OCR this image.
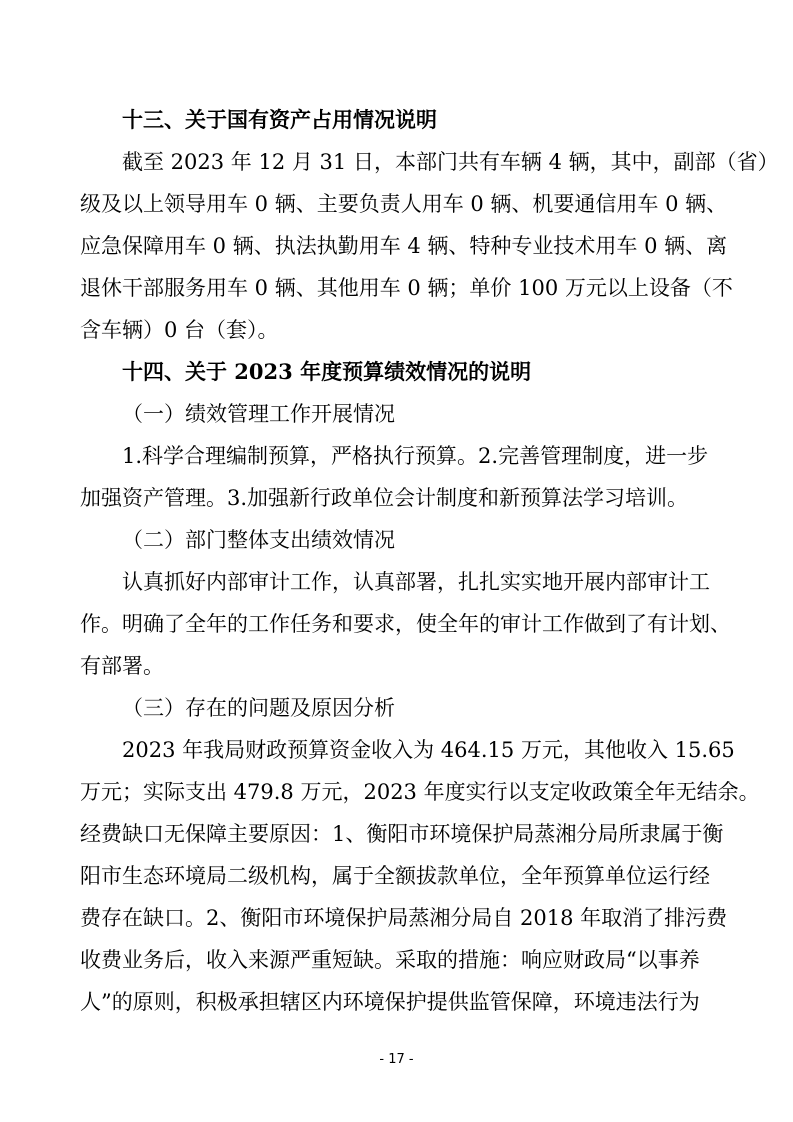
十三、关于国有资产占用情况说明
截至 2023 年 12 月 31 日，本部门共有车辆 4 辆，其中，副部（省）
级及以上领导用车 0 辆、主要负责人用车 0 辆、机要通信用车 0 辆、
应急保障用车 0 辆、执法执勤用车 4 辆、特种专业技术用车 0 辆、离
退休干部服务用车 0 辆、其他用车 0 辆；单价 100 万元以上设备（不
含车辆）0 台（套）。
十四、关于 2023 年度预算绩效情况的说明
（一）绩效管理工作开展情况
1.科学合理编制预算，严格执行预算。2.完善管理制度，进一步
加强资产管理。3.加强新行政单位会计制度和新预算法学习培训。
（二）部门整体支出绩效情况
认真抓好内部审计工作，认真部署，扎扎实实地开展内部审计工
作。明确了全年的工作任务和要求，使全年的审计工作做到了有计划、
有部署。
（三）存在的问题及原因分析
2023 年我局财政预算资金收入为 464.15 万元，其他收入 15.65
万元；实际支出 479.8 万元，2023 年度实行以支定收政策全年无结余。
经费缺口无保障主要原因：1、衡阳市环境保护局蒸湘分局所隶属于衡
阳市生态环境局二级机构，属于全额拔款单位，全年预算单位运行经
费存在缺口。2、衡阳市环境保护局蒸湘分局自 2018 年取消了排污费
收费业务后，收入来源严重短缺。采取的措施：响应财政局“以事养
人”的原则，积极承担辖区内环境保护提供监管保障，环境违法行为
- 17 -
